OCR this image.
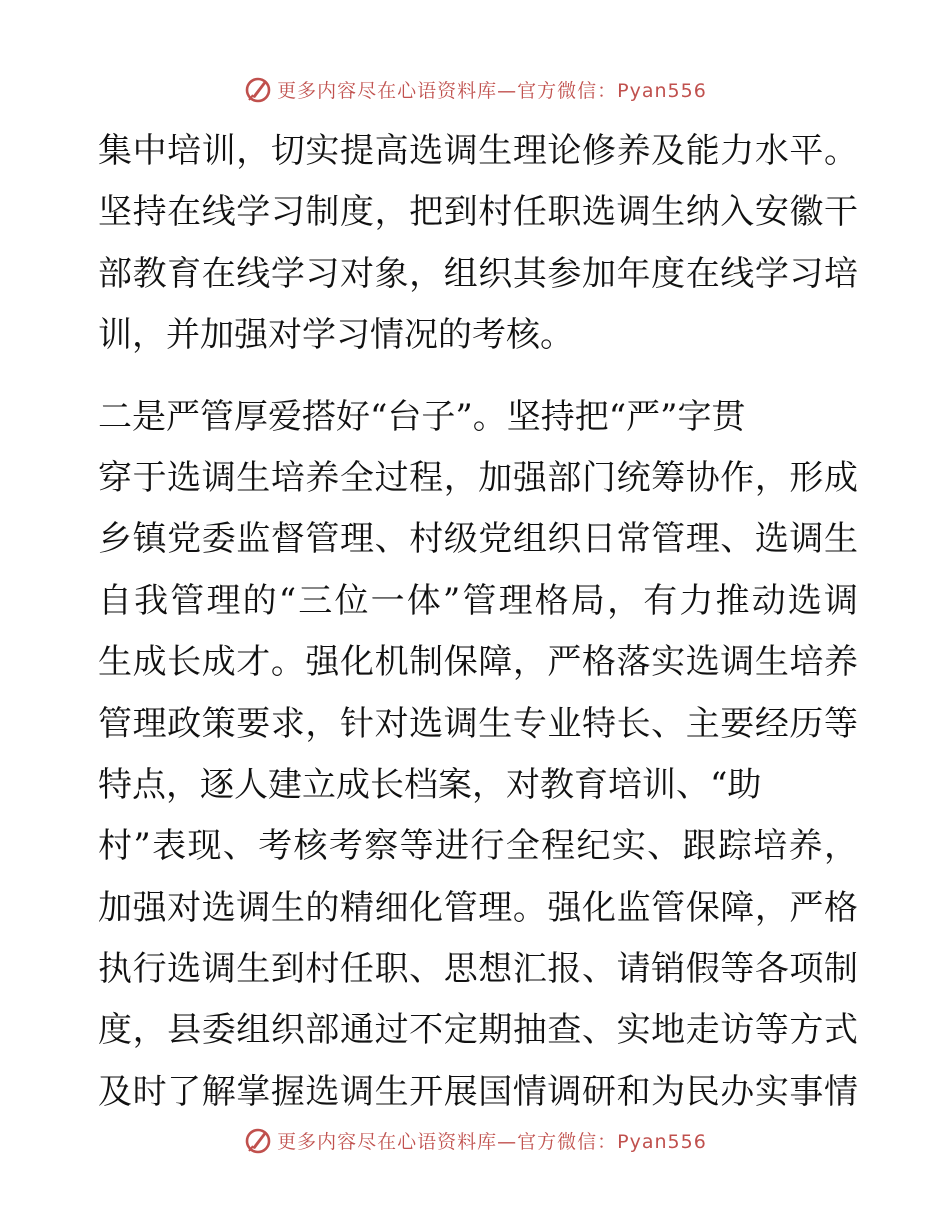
更多内容尽在心语资料库—官方微信：Pyan556
集中培训，切实提高选调生理论修养及能力水平。
坚持在线学习制度，把到村任职选调生纳入安徽干
部教育在线学习对象，组织其参加年度在线学习培
训，并加强对学习情况的考核。
二是严管厚爱搭好“台子”。坚持把“严”字贯
穿于选调生培养全过程，加强部门统筹协作，形成
乡镇党委监督管理、村级党组织日常管理、选调生
自我管理的“三位一体”管理格局，有力推动选调
生成长成才。强化机制保障，严格落实选调生培养
管理政策要求，针对选调生专业特长、主要经历等
特点，逐人建立成长档案，对教育培训、“助
村”表现、考核考察等进行全程纪实、跟踪培养，
加强对选调生的精细化管理。强化监管保障，严格
执行选调生到村任职、思想汇报、请销假等各项制
度，县委组织部通过不定期抽查、实地走访等方式
及时了解掌握选调生开展国情调研和为民办实事情
更多内容尽在心语资料库—官方微信：Pyan556
